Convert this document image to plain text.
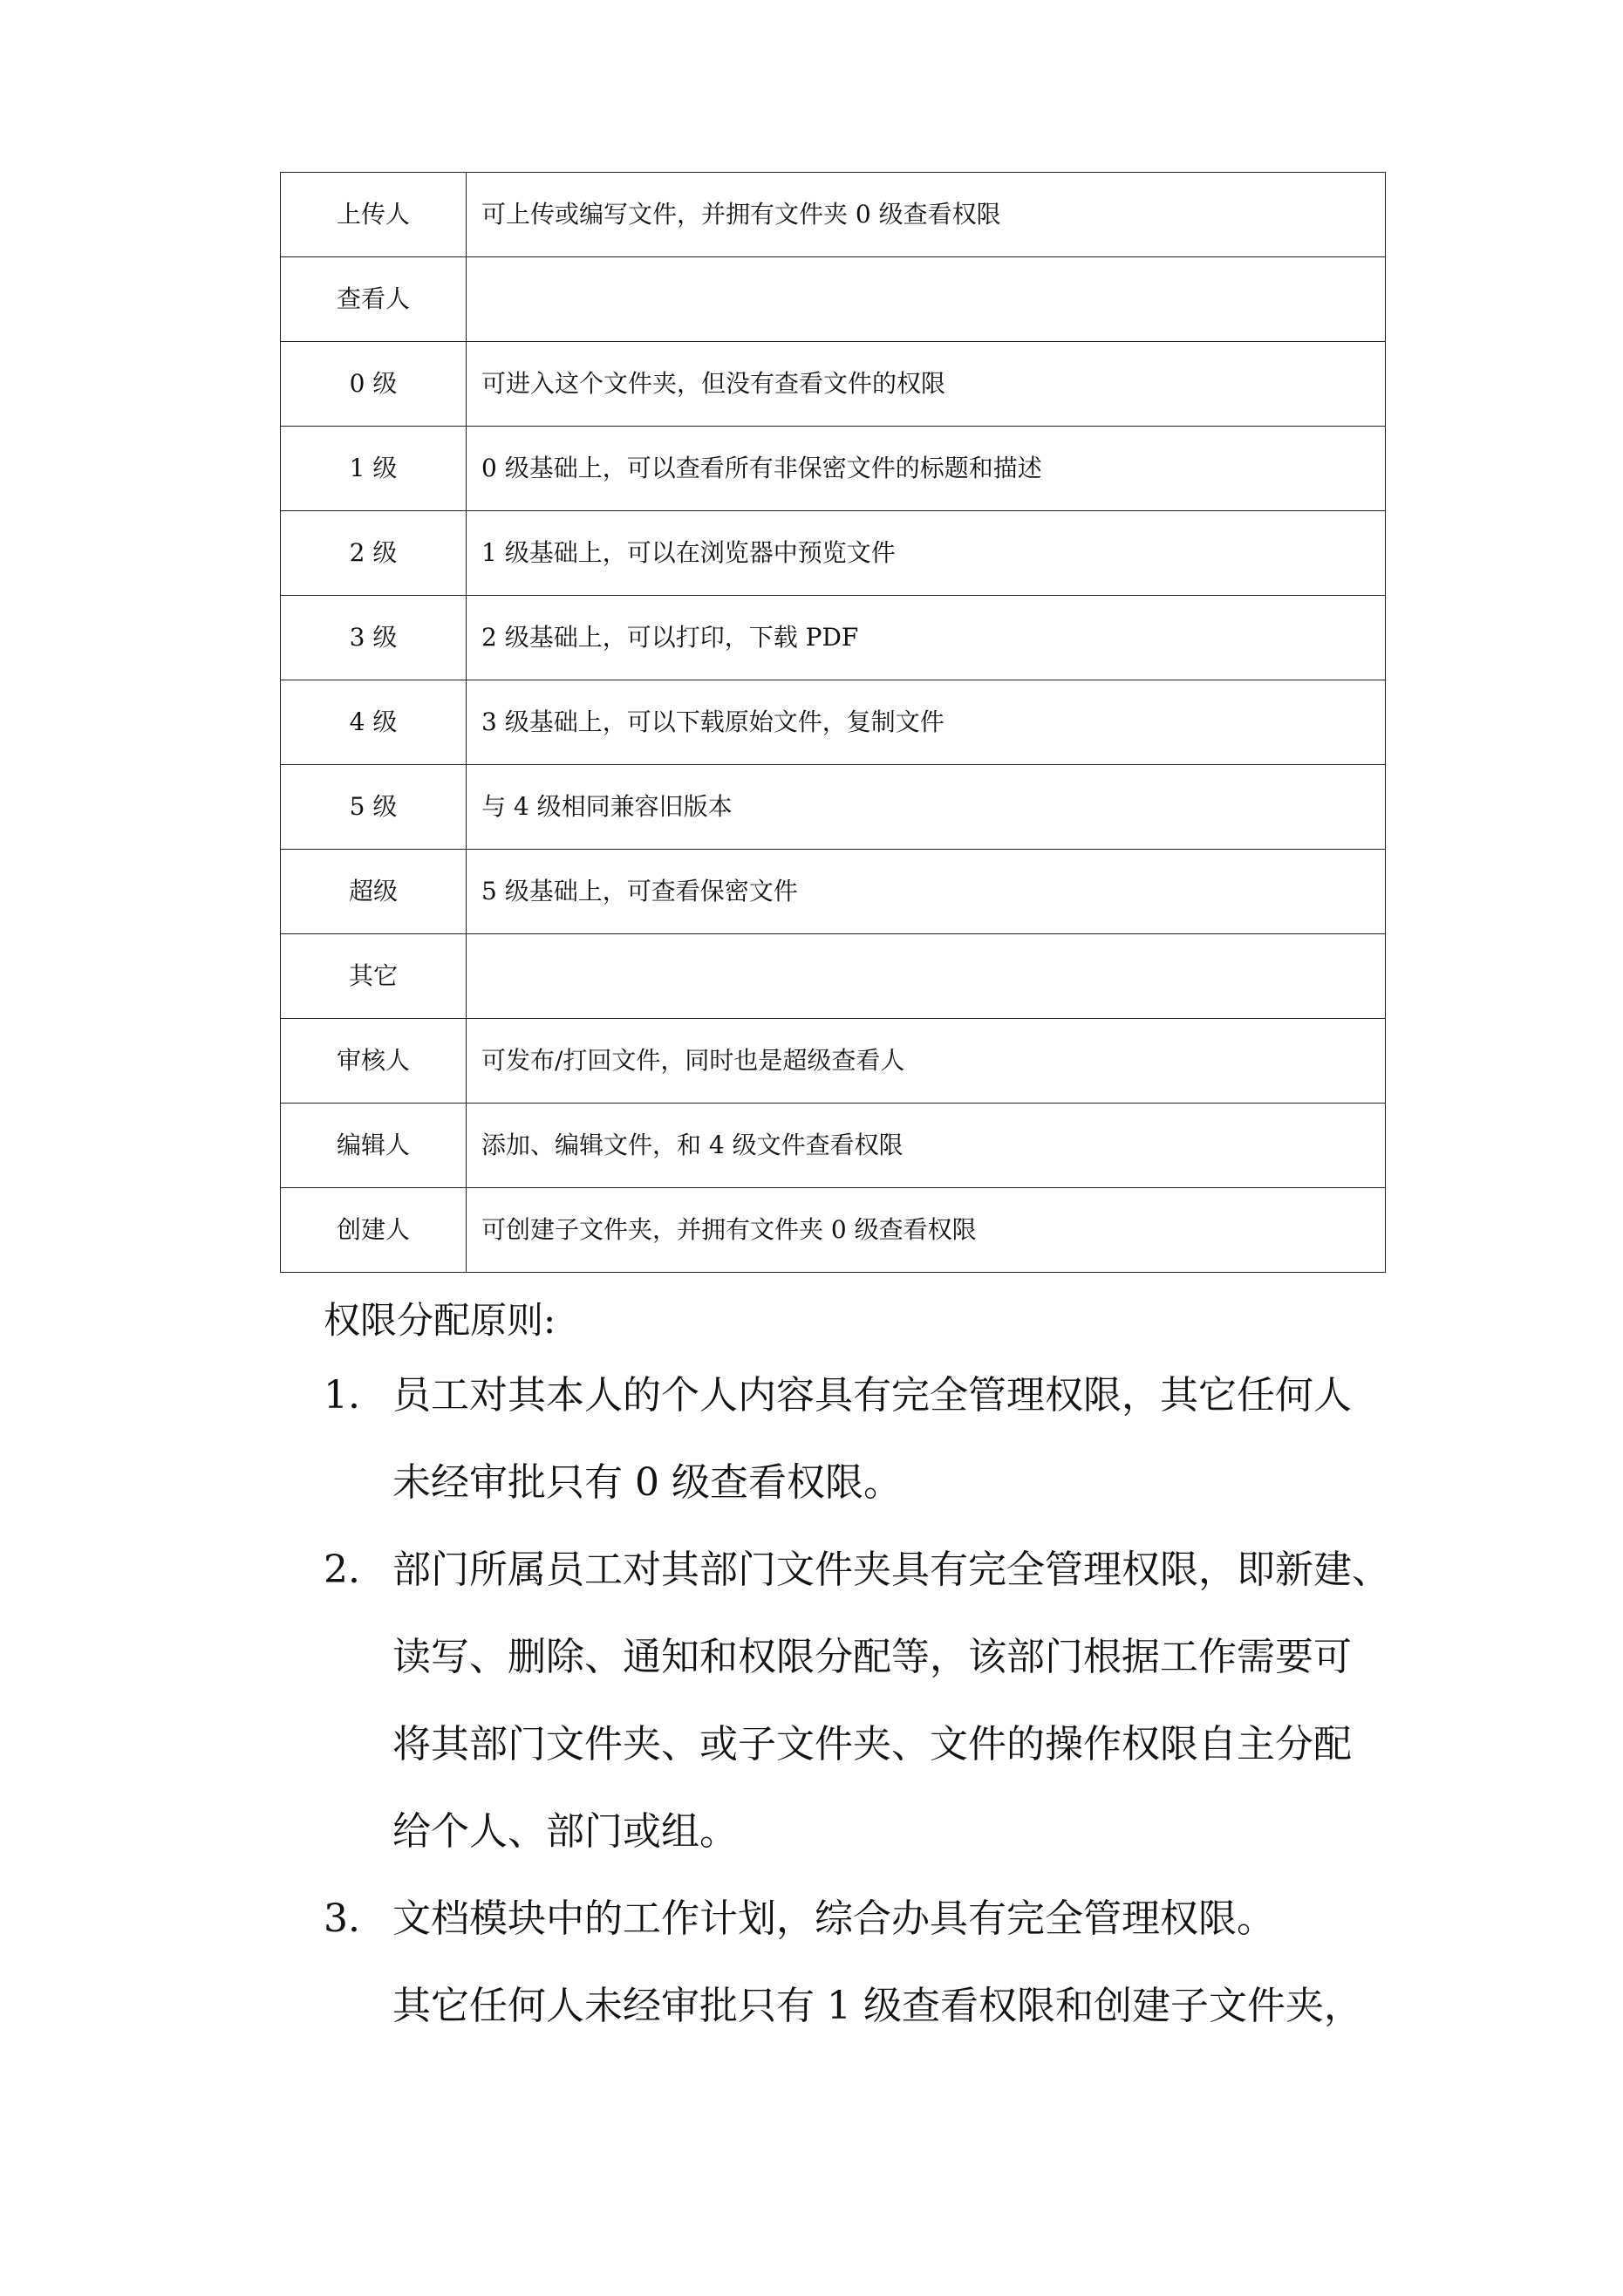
上传人	可上传或编写文件，并拥有文件夹 0 级查看权限
查看人	
0 级	可进入这个文件夹，但没有查看文件的权限
1 级	0 级基础上，可以查看所有非保密文件的标题和描述
2 级	1 级基础上，可以在浏览器中预览文件
3 级	2 级基础上，可以打印，下载 PDF
4 级	3 级基础上，可以下载原始文件，复制文件
5 级	与 4 级相同兼容旧版本
超级	5 级基础上，可查看保密文件
其它	
审核人	可发布/打回文件，同时也是超级查看人
编辑人	添加、编辑文件，和 4 级文件查看权限
创建人	可创建子文件夹，并拥有文件夹 0 级查看权限

权限分配原则:

1. 员工对其本人的个人内容具有完全管理权限，其它任何人
未经审批只有 0 级查看权限。
2. 部门所属员工对其部门文件夹具有完全管理权限，即新建、
读写、删除、通知和权限分配等，该部门根据工作需要可
将其部门文件夹、或子文件夹、文件的操作权限自主分配
给个人、部门或组。
3. 文档模块中的工作计划，综合办具有完全管理权限。

其它任何人未经审批只有 1 级查看权限和创建子文件夹，
